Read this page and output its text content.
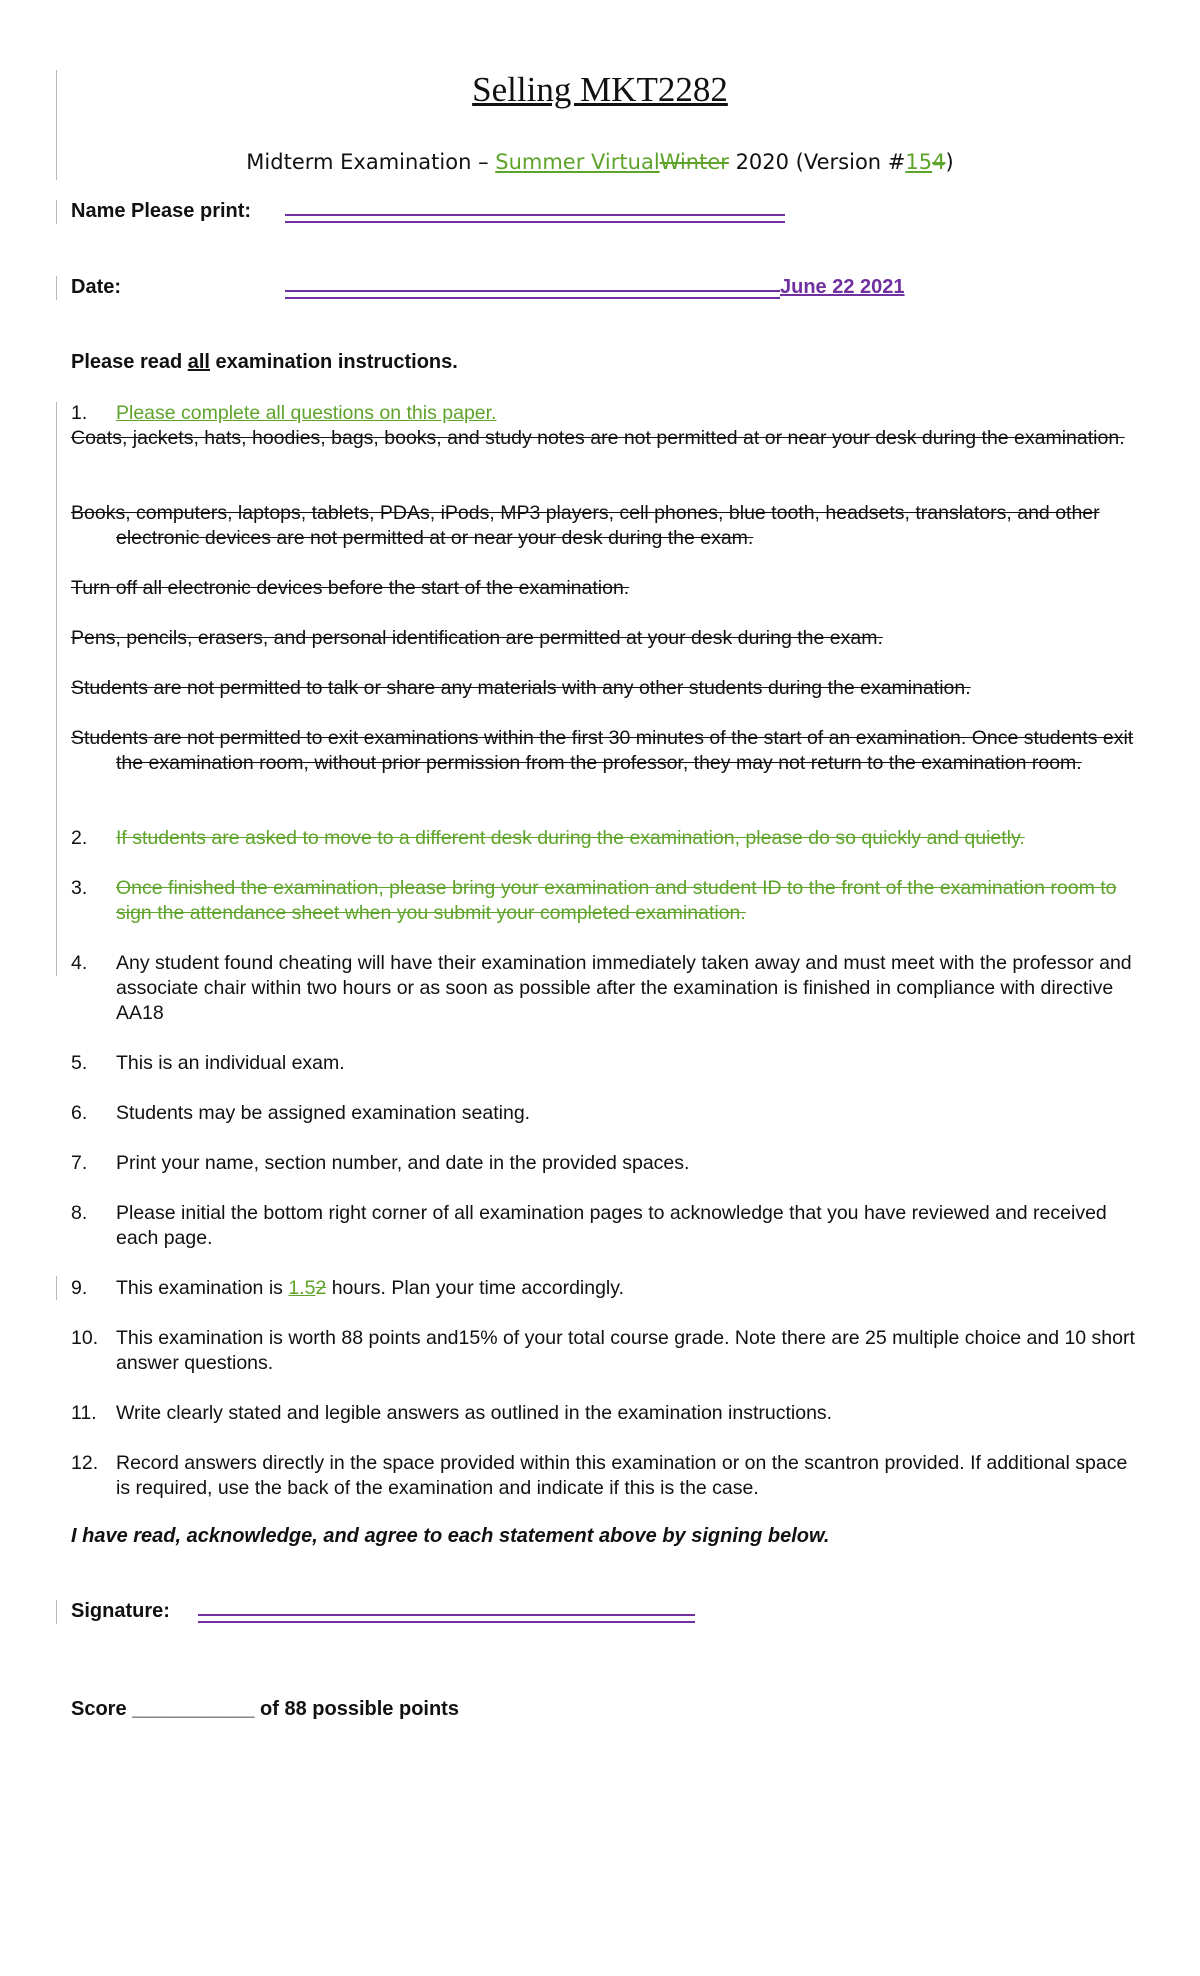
Selling MKT2282
Midterm Examination – Summer VirtualWinter 2020 (Version #154)
Name Please print:
Date:	June 22 2021
Please read all examination instructions.
1. Please complete all questions on this paper.
Coats, jackets, hats, hoodies, bags, books, and study notes are not permitted at or near your desk during the examination.
Books, computers, laptops, tablets, PDAs, iPods, MP3 players, cell phones, blue tooth, headsets, translators, and other electronic devices are not permitted at or near your desk during the exam.
Turn off all electronic devices before the start of the examination.
Pens, pencils, erasers, and personal identification are permitted at your desk during the exam.
Students are not permitted to talk or share any materials with any other students during the examination.
Students are not permitted to exit examinations within the first 30 minutes of the start of an examination. Once students exit the examination room, without prior permission from the professor, they may not return to the examination room.
2. If students are asked to move to a different desk during the examination, please do so quickly and quietly.
3. Once finished the examination, please bring your examination and student ID to the front of the examination room to sign the attendance sheet when you submit your completed examination.
4. Any student found cheating will have their examination immediately taken away and must meet with the professor and associate chair within two hours or as soon as possible after the examination is finished in compliance with directive AA18
5. This is an individual exam.
6. Students may be assigned examination seating.
7. Print your name, section number, and date in the provided spaces.
8. Please initial the bottom right corner of all examination pages to acknowledge that you have reviewed and received each page.
9. This examination is 1.52 hours. Plan your time accordingly.
10. This examination is worth 88 points and15% of your total course grade. Note there are 25 multiple choice and 10 short answer questions.
11. Write clearly stated and legible answers as outlined in the examination instructions.
12. Record answers directly in the space provided within this examination or on the scantron provided. If additional space is required, use the back of the examination and indicate if this is the case.
I have read, acknowledge, and agree to each statement above by signing below.
Signature:
Score ___________ of 88 possible points
